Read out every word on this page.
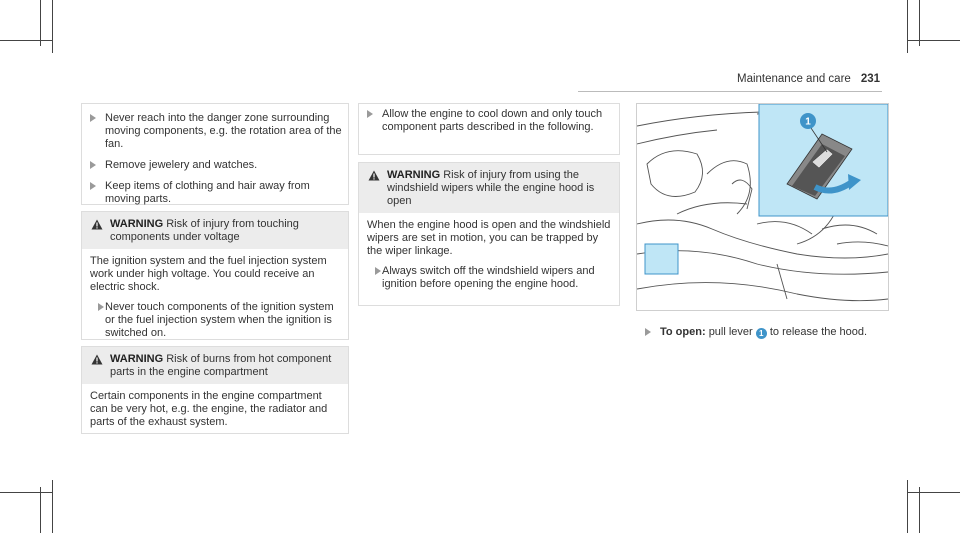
Maintenance and care 231
Never reach into the danger zone surrounding moving components, e.g. the rotation area of the fan.
Remove jewelery and watches.
Keep items of clothing and hair away from moving parts.
WARNING Risk of injury from touching components under voltage

The ignition system and the fuel injection system work under high voltage. You could receive an electric shock.

Never touch components of the ignition system or the fuel injection system when the ignition is switched on.
WARNING Risk of burns from hot component parts in the engine compartment

Certain components in the engine compartment can be very hot, e.g. the engine, the radiator and parts of the exhaust system.

Allow the engine to cool down and only touch component parts described in the following.
WARNING Risk of injury from using the windshield wipers while the engine hood is open

When the engine hood is open and the windshield wipers are set in motion, you can be trapped by the wiper linkage.

Always switch off the windshield wipers and ignition before opening the engine hood.
1
To open: pull lever 1 to release the hood.
